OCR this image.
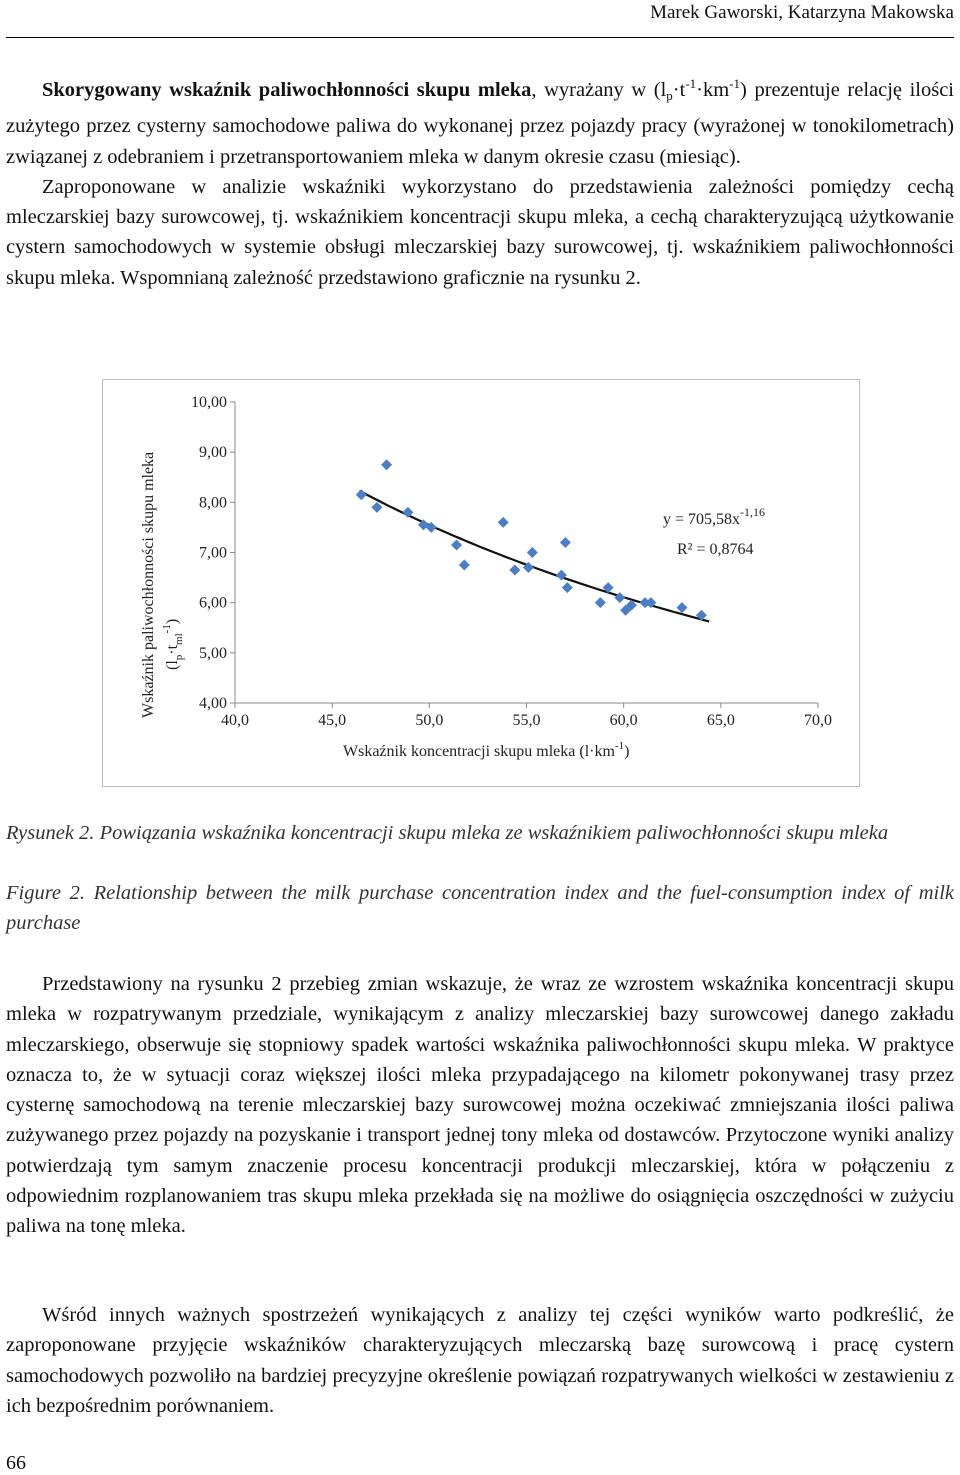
Marek Gaworski, Katarzyna Makowska

Skorygowany wskaźnik paliwochłonności skupu mleka, wyrażany w $(l_p\cdot t^{-1}\cdot km^{-1})$ prezentuje relację ilości zużytego przez cysterny samochodowe paliwa do wykonanej przez pojazdy pracy (wyrażonej w tonokilometrach) związanej z odebraniem i przetransportowaniem mleka w danym okresie czasu (miesiąc).
Zaproponowane w analizie wskaźniki wykorzystano do przedstawienia zależności pomiędzy cechą mleczarskiej bazy surowcowej, tj. wskaźnikiem koncentracji skupu mleka, a cechą charakteryzującą użytkowanie cystern samochodowych w systemie obsługi mleczarskiej bazy surowcowej, tj. wskaźnikiem paliwochłonności skupu mleka. Wspomnianą zależność przedstawiono graficznie na rysunku 2.

4,00
5,00
6,00
7,00
8,00
9,00
10,00
40,0	45,0	50,0	55,0	60,0	65,0	70,0
$y = 705,58x^{-1,16}$
R² = 0,8764
Wskaźnik koncentracji skupu mleka $(l\cdot km^{-1})$
Wskaźnik paliwochłonności skupu mleka $(l_p\cdot t_{ml}^{-1})$

Rysunek 2. Powiązania wskaźnika koncentracji skupu mleka ze wskaźnikiem paliwochłonności skupu mleka

Figure 2. Relationship between the milk purchase concentration index and the fuel-consumption index of milk purchase

Przedstawiony na rysunku 2 przebieg zmian wskazuje, że wraz ze wzrostem wskaźnika koncentracji skupu mleka w rozpatrywanym przedziale, wynikającym z analizy mleczarskiej bazy surowcowej danego zakładu mleczarskiego, obserwuje się stopniowy spadek wartości wskaźnika paliwochłonności skupu mleka. W praktyce oznacza to, że w sytuacji coraz większej ilości mleka przypadającego na kilometr pokonywanej trasy przez cysternę samochodową na terenie mleczarskiej bazy surowcowej można oczekiwać zmniejszania ilości paliwa zużywanego przez pojazdy na pozyskanie i transport jednej tony mleka od dostawców. Przytoczone wyniki analizy potwierdzają tym samym znaczenie procesu koncentracji produkcji mleczarskiej, która w połączeniu z odpowiednim rozplanowaniem tras skupu mleka przekłada się na możliwe do osiągnięcia oszczędności w zużyciu paliwa na tonę mleka.

Wśród innych ważnych spostrzeżeń wynikających z analizy tej części wyników warto podkreślić, że zaproponowane przyjęcie wskaźników charakteryzujących mleczarską bazę surowcową i pracę cystern samochodowych pozwoliło na bardziej precyzyjne określenie powiązań rozpatrywanych wielkości w zestawieniu z ich bezpośrednim porównaniem.

66
